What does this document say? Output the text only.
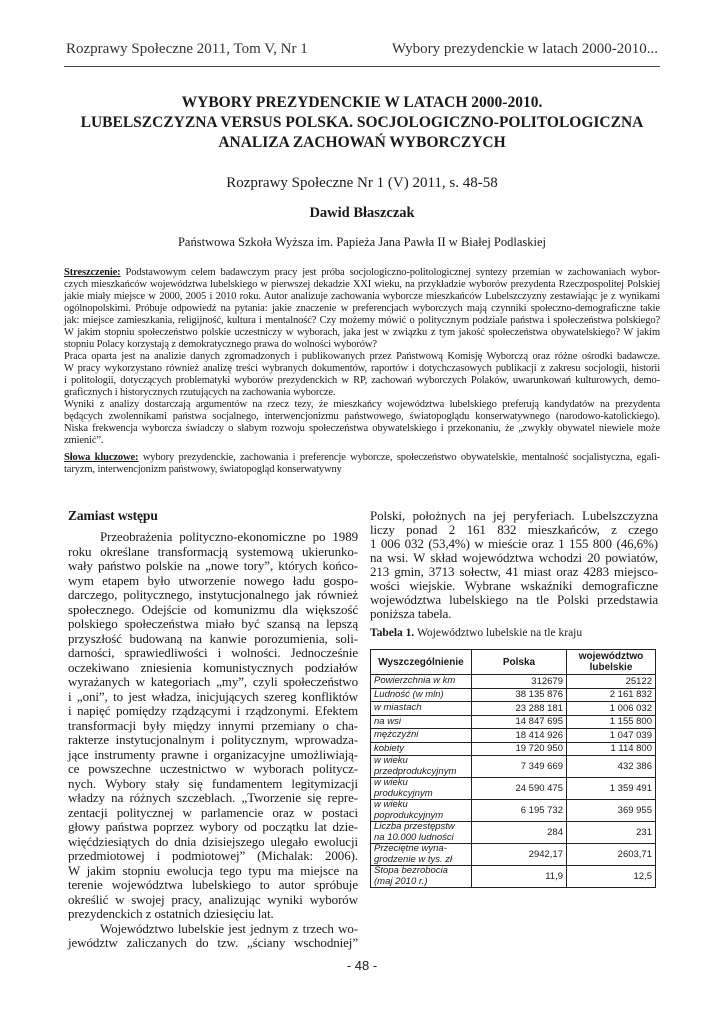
Rozprawy Społeczne 2011, Tom V, Nr 1	Wybory prezydenckie w latach 2000-2010...
WYBORY PREZYDENCKIE W LATACH 2000-2010.
LUBELSZCZYZNA VERSUS POLSKA. SOCJOLOGICZNO-POLITOLOGICZNA
ANALIZA ZACHOWAŃ WYBORCZYCH
Rozprawy Społeczne Nr 1 (V) 2011, s. 48-58
Dawid Błaszczak
Państwowa Szkoła Wyższa im. Papieża Jana Pawła II w Białej Podlaskiej
Streszczenie: Podstawowym celem badawczym pracy jest próba socjologiczno-politologicznej syntezy przemian w zachowaniach wybor-
czych mieszkańców województwa lubelskiego w pierwszej dekadzie XXI wieku, na przykładzie wyborów prezydenta Rzeczpospolitej Polskiej
jakie miały miejsce w 2000, 2005 i 2010 roku. Autor analizuje zachowania wyborcze mieszkańców Lubelszczyzny zestawiając je z wynikami
ogólnopolskimi. Próbuje odpowiedź na pytania: jakie znaczenie w preferencjach wyborczych mają czynniki społeczno-demograficzne takie
jak: miejsce zamieszkania, religijność, kultura i mentalność? Czy możemy mówić o politycznym podziale państwa i społeczeństwa polskiego?
W jakim stopniu społeczeństwo polskie uczestniczy w wyborach, jaka jest w związku z tym jakość społeczeństwa obywatelskiego? W jakim
stopniu Polacy korzystają z demokratycznego prawa do wolności wyborów?
Praca oparta jest na analizie danych zgromadzonych i publikowanych przez Państwową Komisję Wyborczą oraz różne ośrodki badawcze.
W pracy wykorzystano również analizę treści wybranych dokumentów, raportów i dotychczasowych publikacji z zakresu socjologii, historii
i politologii, dotyczących problematyki wyborów prezydenckich w RP, zachowań wyborczych Polaków, uwarunkowań kulturowych, demo-
graficznych i historycznych rzutujących na zachowania wyborcze.
Wyniki z analizy dostarczają argumentów na rzecz tezy, że mieszkańcy województwa lubelskiego preferują kandydatów na prezydenta
będących zwolennikami państwa socjalnego, interwencjonizmu państwowego, światopoglądu konserwatywnego (narodowo-katolickiego).
Niska frekwencja wyborcza świadczy o słabym rozwoju społeczeństwa obywatelskiego i przekonaniu, że „zwykły obywatel niewiele może
zmienić”.
Słowa kluczowe: wybory prezydenckie, zachowania i preferencje wyborcze, społeczeństwo obywatelskie, mentalność socjalistyczna, egali-
taryzm, interwencjonizm państwowy, światopogląd konserwatywny
Zamiast wstępu
Przeobrażenia polityczno-ekonomiczne po 1989
roku określane transformacją systemową ukierunko-
wały państwo polskie na „nowe tory”, których końco-
wym etapem było utworzenie nowego ładu gospo-
darczego, politycznego, instytucjonalnego jak również
społecznego. Odejście od komunizmu dla większość
polskiego społeczeństwa miało być szansą na lepszą
przyszłość budowaną na kanwie porozumienia, soli-
darności, sprawiedliwości i wolności. Jednocześnie
oczekiwano zniesienia komunistycznych podziałów
wyrażanych w kategoriach „my”, czyli społeczeństwo
i „oni”, to jest władza, inicjujących szereg konfliktów
i napięć pomiędzy rządzącymi i rządzonymi. Efektem
transformacji były między innymi przemiany o cha-
rakterze instytucjonalnym i politycznym, wprowadza-
jące instrumenty prawne i organizacyjne umożliwiają-
ce powszechne uczestnictwo w wyborach politycz-
nych. Wybory stały się fundamentem legitymizacji
władzy na różnych szczeblach. „Tworzenie się repre-
zentacji politycznej w parlamencie oraz w postaci
głowy państwa poprzez wybory od początku lat dzie-
więćdziesiątych do dnia dzisiejszego ulegało ewolucji
przedmiotowej i podmiotowej” (Michalak: 2006).
W jakim stopniu ewolucja tego typu ma miejsce na
terenie województwa lubelskiego to autor spróbuje
określić w swojej pracy, analizując wyniki wyborów
prezydenckich z ostatnich dziesięciu lat.
Województwo lubelskie jest jednym z trzech wo-
jewództw zaliczanych do tzw. „ściany wschodniej”
Polski, położnych na jej peryferiach. Lubelszczyzna
liczy ponad 2 161 832 mieszkańców, z czego
1 006 032 (53,4%) w mieście oraz 1 155 800 (46,6%)
na wsi. W skład województwa wchodzi 20 powiatów,
213 gmin, 3713 sołectw, 41 miast oraz 4283 miejsco-
wości wiejskie. Wybrane wskaźniki demograficzne
województwa lubelskiego na tle Polski przedstawia
poniższa tabela.
Tabela 1. Województwo lubelskie na tle kraju
Wyszczególnienie	Polska	województwo lubelskie
Powierzchnia w km	312679	25122
Ludność (w mln)	38 135 876	2 161 832
w miastach	23 288 181	1 006 032
na wsi	14 847 695	1 155 800
mężczyźni	18 414 926	1 047 039
kobiety	19 720 950	1 114 800
w wieku
przedprodukcyjnym	7 349 669	432 386
w wieku
produkcyjnym	24 590 475	1 359 491
w wieku
poprodukcyjnym	6 195 732	369 955
Liczba przestępstw
na 10.000 ludności	284	231
Przeciętne wyna-
grodzenie w tys. zł	2942,17	2603,71
Stopa bezrobocia
(maj 2010 r.)	11,9	12,5
- 48 -
